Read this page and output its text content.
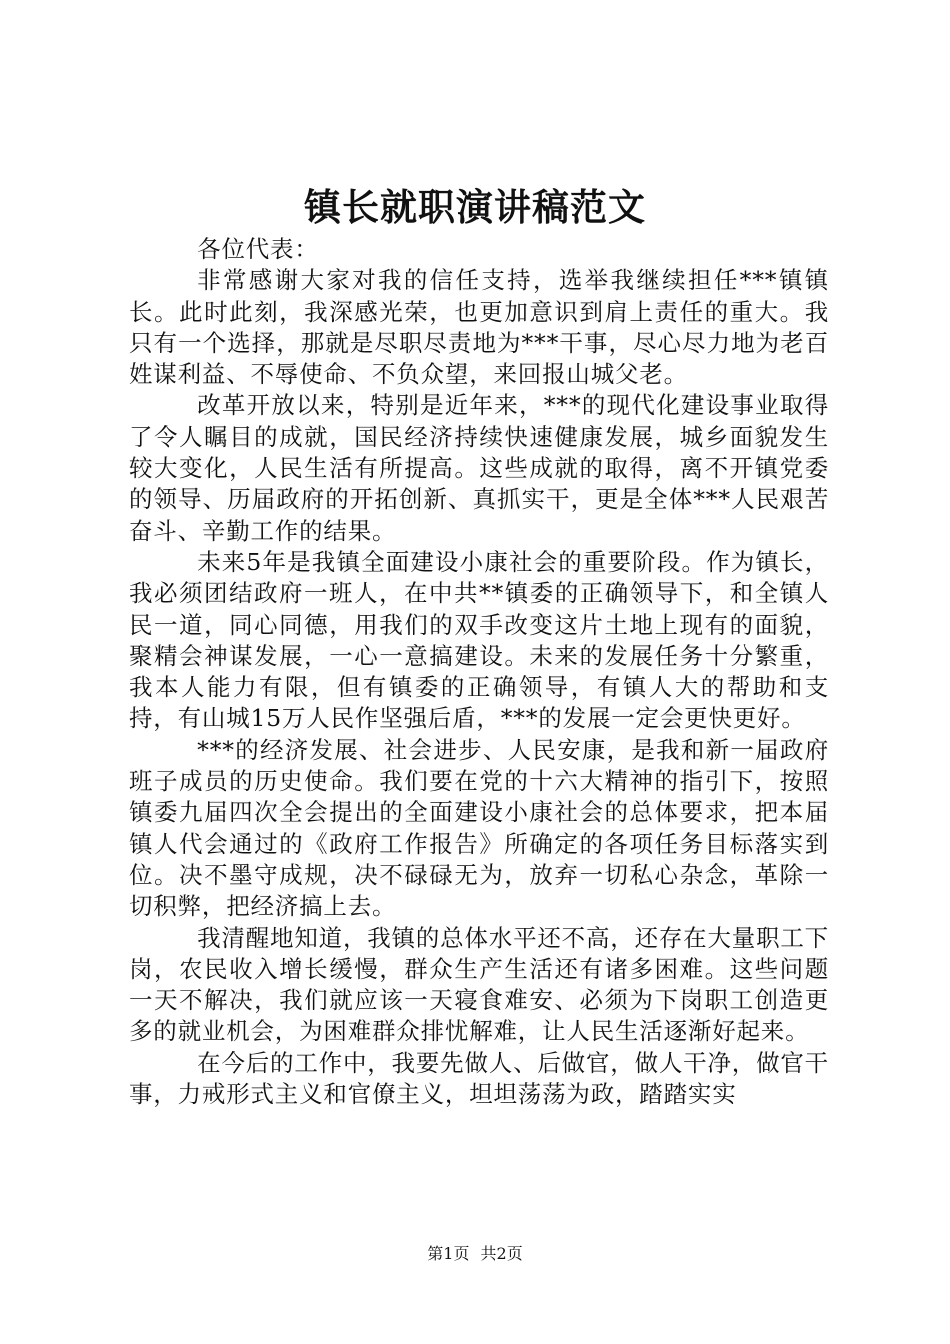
镇长就职演讲稿范文

各位代表：

非常感谢大家对我的信任支持，选举我继续担任***镇镇长。此时此刻，我深感光荣，也更加意识到肩上责任的重大。我只有一个选择，那就是尽职尽责地为***干事，尽心尽力地为老百姓谋利益、不辱使命、不负众望，来回报山城父老。

改革开放以来，特别是近年来，***的现代化建设事业取得了令人瞩目的成就，国民经济持续快速健康发展，城乡面貌发生较大变化，人民生活有所提高。这些成就的取得，离不开镇党委的领导、历届政府的开拓创新、真抓实干，更是全体***人民艰苦奋斗、辛勤工作的结果。

未来5年是我镇全面建设小康社会的重要阶段。作为镇长，我必须团结政府一班人，在中共**镇委的正确领导下，和全镇人民一道，同心同德，用我们的双手改变这片土地上现有的面貌，聚精会神谋发展，一心一意搞建设。未来的发展任务十分繁重，我本人能力有限，但有镇委的正确领导，有镇人大的帮助和支持，有山城15万人民作坚强后盾，***的发展一定会更快更好。

***的经济发展、社会进步、人民安康，是我和新一届政府班子成员的历史使命。我们要在党的十六大精神的指引下，按照镇委九届四次全会提出的全面建设小康社会的总体要求，把本届镇人代会通过的《政府工作报告》所确定的各项任务目标落实到位。决不墨守成规，决不碌碌无为，放弃一切私心杂念，革除一切积弊，把经济搞上去。

我清醒地知道，我镇的总体水平还不高，还存在大量职工下岗，农民收入增长缓慢，群众生产生活还有诸多困难。这些问题一天不解决，我们就应该一天寝食难安、必须为下岗职工创造更多的就业机会，为困难群众排忧解难，让人民生活逐渐好起来。

在今后的工作中，我要先做人、后做官，做人干净，做官干事，力戒形式主义和官僚主义，坦坦荡荡为政，踏踏实实

第1页 共2页
